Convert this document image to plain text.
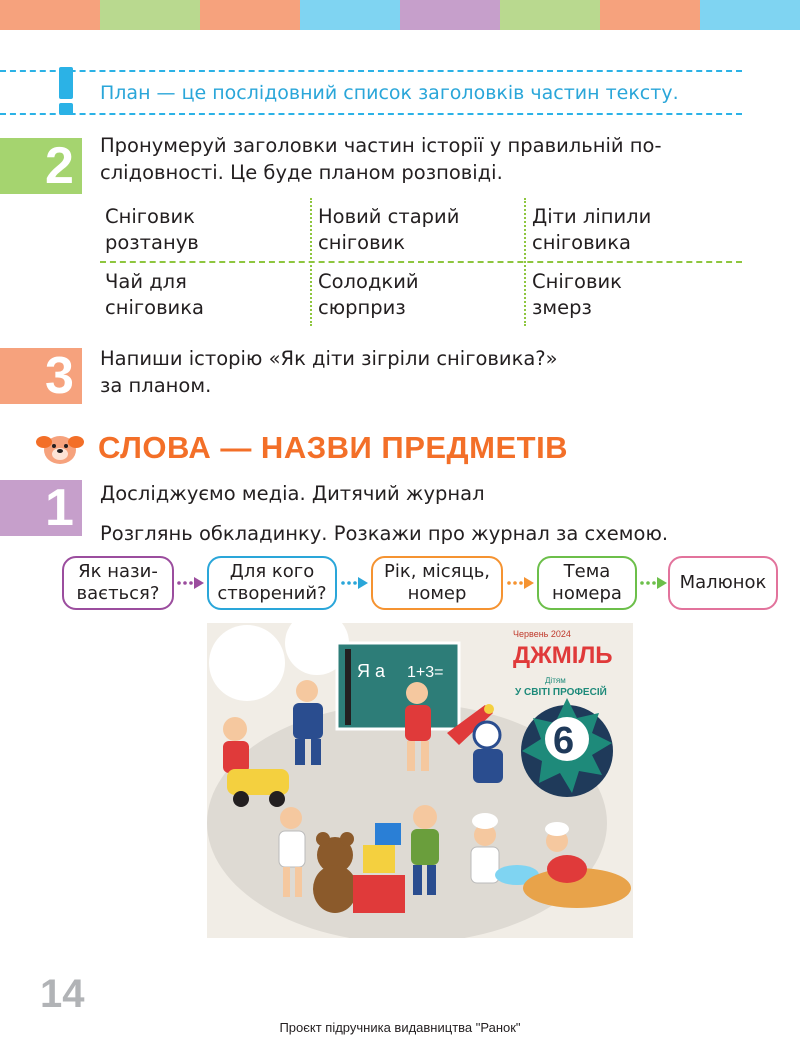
План — це послідовний список заголовків частин тексту.
2 Пронумеруй заголовки частин історії у правильній по-
слідовності. Це буде планом розповіді.
Сніговик
розтанув
Новий старий
сніговик
Діти ліпили
сніговика
Чай для
сніговика
Солодкий
сюрприз
Сніговик
змерз
3 Напиши історію «Як діти зігріли сніговика?»
за планом.
СЛОВА — НАЗВИ ПРЕДМЕТІВ
1 Досліджуємо медіа. Дитячий журнал
Розглянь обкладинку. Розкажи про журнал за схемою.
Як нази-
вається?
Для кого
створений?
Рік, місяць,
номер
Тема
номера
Малюнок
Я а 1+3=
Червень 2024
ДЖМІЛЬ
Дітям
У СВІТІ ПРОФЕСІЙ
6
14
Проєкт підручника видавництва "Ранок"
